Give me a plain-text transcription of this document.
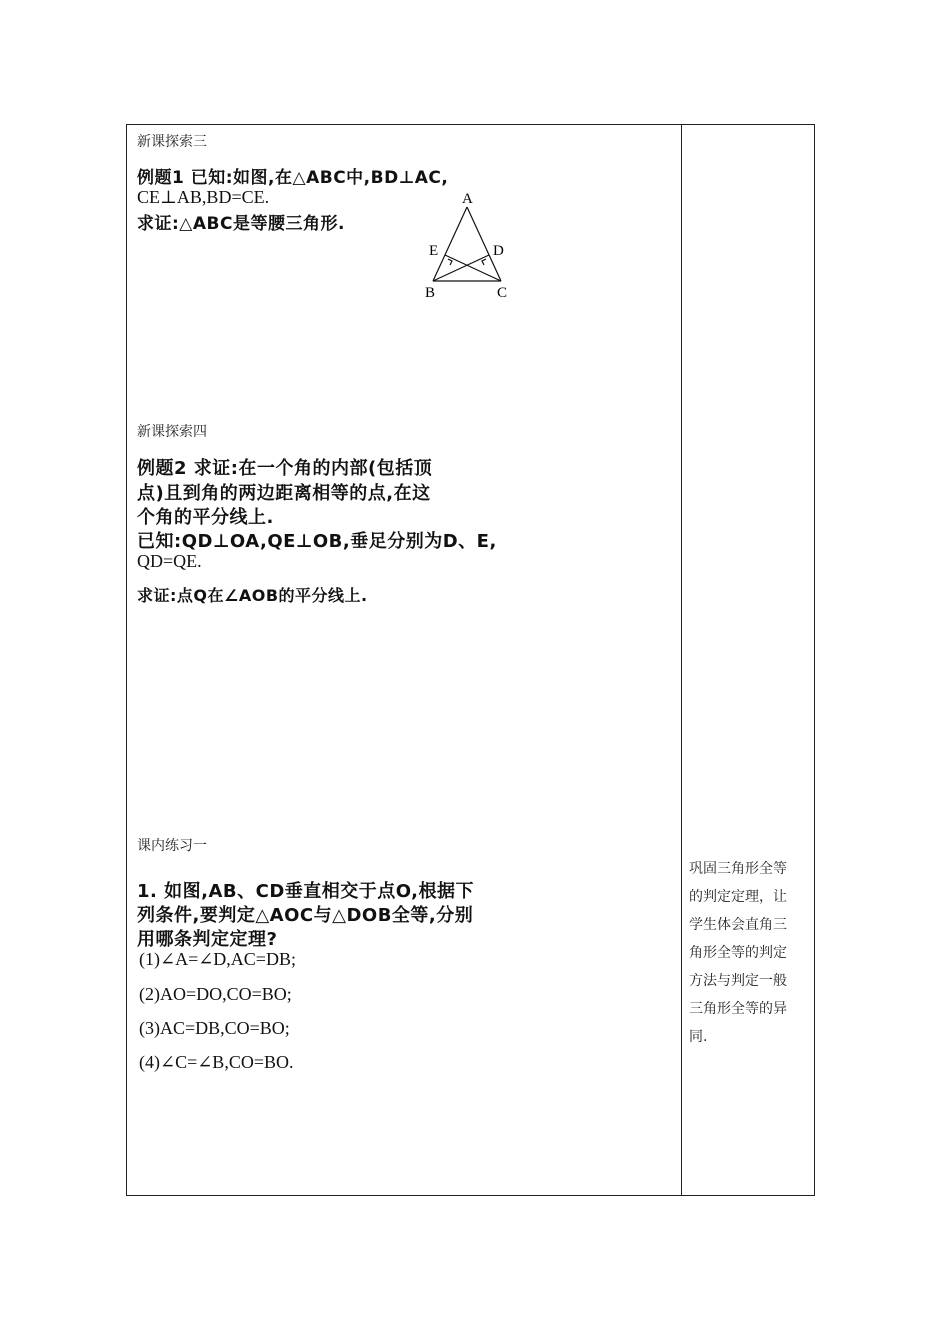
新课探索三
例题1 已知:如图,在△ABC中,BD⊥AC,
CE⊥AB,BD=CE.
求证:△ABC是等腰三角形.
A
E	D
B	C
新课探索四
例题2 求证:在一个角的内部(包括顶
点)且到角的两边距离相等的点,在这
个角的平分线上.
已知:QD⊥OA,QE⊥OB,垂足分别为D、E,
QD=QE.
求证:点Q在∠AOB的平分线上.
课内练习一
1. 如图,AB、CD垂直相交于点O,根据下
列条件,要判定△AOC与△DOB全等,分别
用哪条判定定理?
(1)∠A=∠D,AC=DB;
(2)AO=DO,CO=BO;
(3)AC=DB,CO=BO;
(4)∠C=∠B,CO=BO.
巩固三角形全等
的判定定理，让
学生体会直角三
角形全等的判定
方法与判定一般
三角形全等的异
同.
